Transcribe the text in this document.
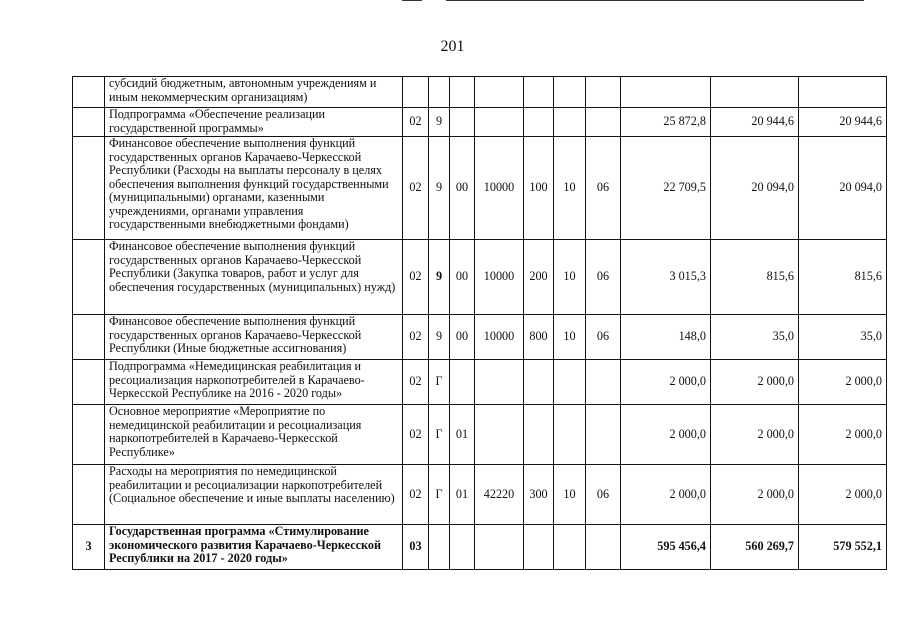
201
	субсидий бюджетным, автономным учреждениям и иным некоммерческим организациям)										
	Подпрограмма «Обеспечение реализации государственной программы»	02	9						25 872,8	20 944,6	20 944,6
	Финансовое обеспечение выполнения функций государственных органов Карачаево-Черкесской Республики (Расходы на выплаты персоналу в целях обеспечения выполнения функций государственными (муниципальными) органами, казенными учреждениями, органами управления государственными внебюджетными фондами)	02	9	00	10000	100	10	06	22 709,5	20 094,0	20 094,0
	Финансовое обеспечение выполнения функций государственных органов Карачаево-Черкесской Республики (Закупка товаров, работ и услуг для обеспечения государственных (муниципальных) нужд)	02	9	00	10000	200	10	06	3 015,3	815,6	815,6
	Финансовое обеспечение выполнения функций государственных органов Карачаево-Черкесской Республики (Иные бюджетные ассигнования)	02	9	00	10000	800	10	06	148,0	35,0	35,0
	Подпрограмма «Немедицинская реабилитация и ресоциализация наркопотребителей в Карачаево-Черкесской Республике на 2016 - 2020 годы»	02	Г						2 000,0	2 000,0	2 000,0
	Основное мероприятие «Мероприятие по немедицинской реабилитации и ресоциализация наркопотребителей в Карачаево-Черкесской Республике»	02	Г	01					2 000,0	2 000,0	2 000,0
	Расходы на мероприятия по немедицинской реабилитации и ресоциализации наркопотребителей (Социальное обеспечение и иные выплаты населению)	02	Г	01	42220	300	10	06	2 000,0	2 000,0	2 000,0
3	Государственная программа «Стимулирование экономического развития Карачаево-Черкесской Республики на 2017 - 2020 годы»	03							595 456,4	560 269,7	579 552,1
